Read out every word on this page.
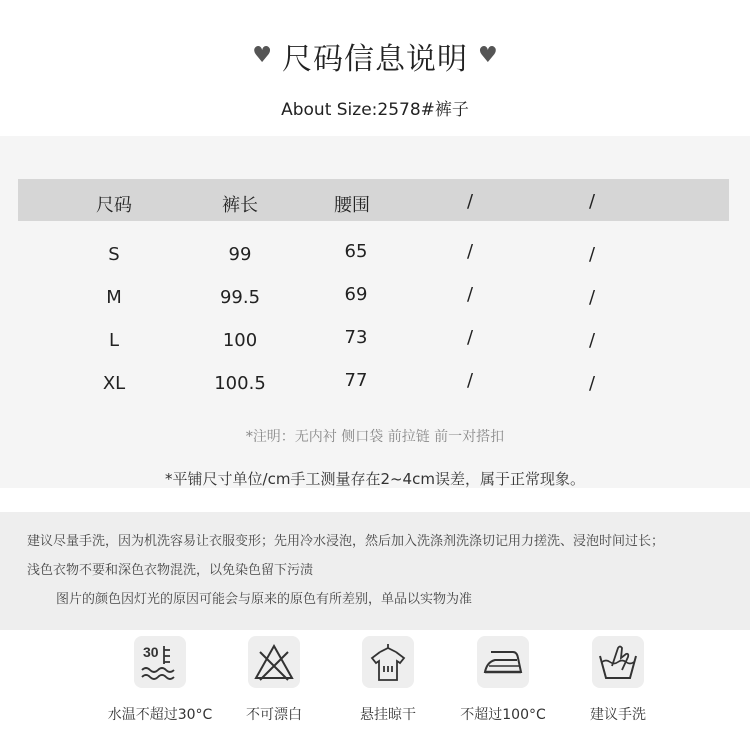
♥ 尺码信息说明 ♥
About Size:2578#裤子
尺码	裤长	腰围	/	/
S	99	65	/	/
M	99.5	69	/	/
L	100	73	/	/
XL	100.5	77	/	/
*注明：无内衬 侧口袋 前拉链 前一对搭扣
*平铺尺寸单位/cm手工测量存在2~4cm误差，属于正常现象。
建议尽量手洗，因为机洗容易让衣服变形；先用冷水浸泡，然后加入洗涤剂洗涤切记用力搓洗、浸泡时间过长；
浅色衣物不要和深色衣物混洗，以免染色留下污渍
图片的颜色因灯光的原因可能会与原来的原色有所差别，单品以实物为准
30
水温不超过30°C	不可漂白	悬挂晾干	不超过100°C	建议手洗
